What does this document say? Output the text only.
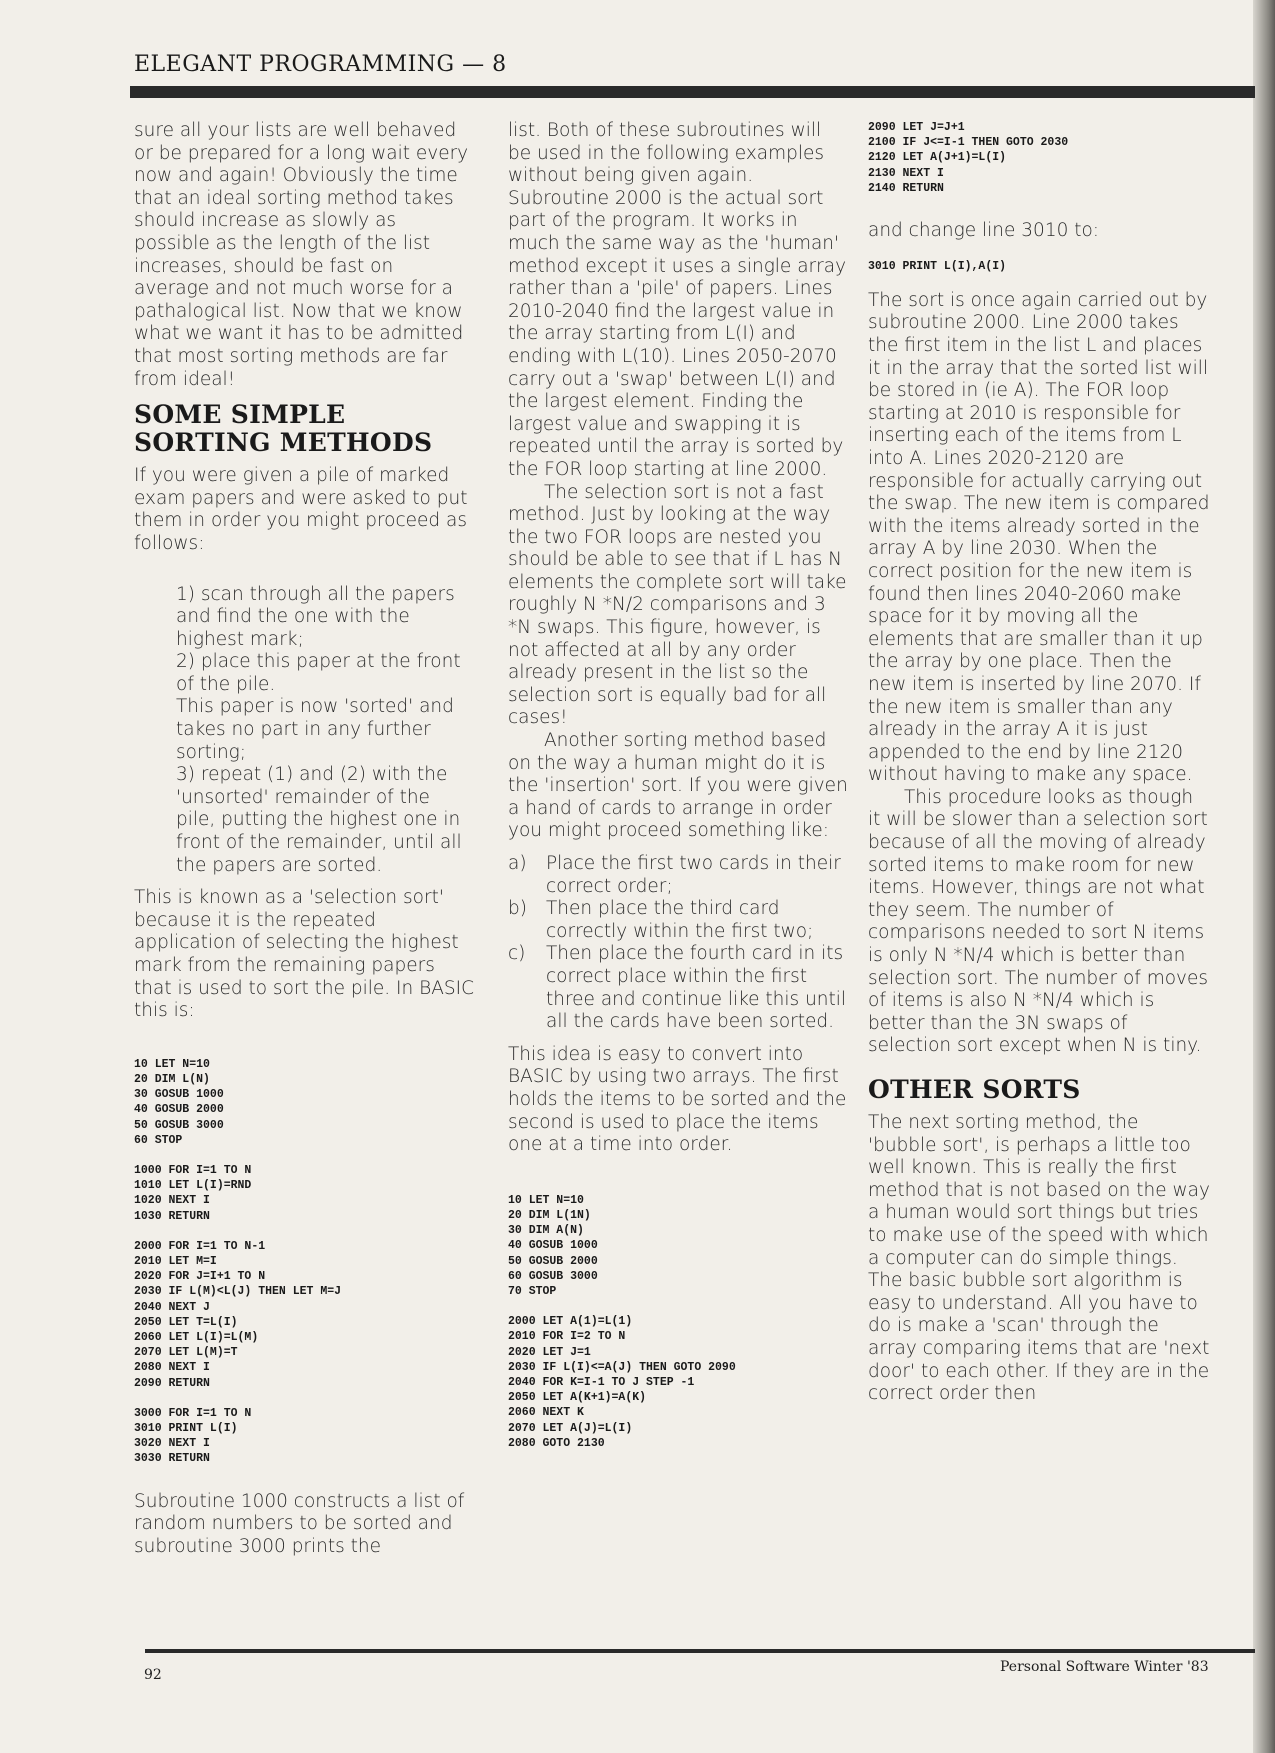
ELEGANT PROGRAMMING — 8

sure all your lists are well behaved or be prepared for a long wait every now and again! Obviously the time that an ideal sorting method takes should increase as slowly as possible as the length of the list increases, should be fast on average and not much worse for a pathalogical list. Now that we know what we want it has to be admitted that most sorting methods are far from ideal!

SOME SIMPLE SORTING METHODS

If you were given a pile of marked exam papers and were asked to put them in order you might proceed as follows:

1) scan through all the papers and find the one with the highest mark;

2) place this paper at the front of the pile.

This paper is now 'sorted' and takes no part in any further sorting;

3) repeat (1) and (2) with the 'unsorted' remainder of the pile, putting the highest one in front of the remainder, until all the papers are sorted.

This is known as a 'selection sort' because it is the repeated application of selecting the highest mark from the remaining papers that is used to sort the pile. In BASIC this is:

10 LET N=10

20 DIM L(N)

30 GOSUB 1000

40 GOSUB 2000

50 GOSUB 3000

60 STOP

1000 FOR I=1 TO N

1010 LET L(I)=RND

1020 NEXT I

1030 RETURN

2000 FOR I=1 TO N-1

2010 LET M=I

2020 FOR J=I+1 TO N

2030 IF L(M)<L(J) THEN LET M=J

2040 NEXT J

2050 LET T=L(I)

2060 LET L(I)=L(M)

2070 LET L(M)=T

2080 NEXT I

2090 RETURN

3000 FOR I=1 TO N

3010 PRINT L(I)

3020 NEXT I

3030 RETURN

Subroutine 1000 constructs a list of random numbers to be sorted and subroutine 3000 prints the

list. Both of these subroutines will be used in the following examples without being given again. Subroutine 2000 is the actual sort part of the program. It works in much the same way as the 'human' method except it uses a single array rather than a 'pile' of papers. Lines 2010-2040 find the largest value in the array starting from L(I) and ending with L(10). Lines 2050-2070 carry out a 'swap' between L(I) and the largest element. Finding the largest value and swapping it is repeated until the array is sorted by the FOR loop starting at line 2000.

The selection sort is not a fast method. Just by looking at the way the two FOR loops are nested you should be able to see that if L has N elements the complete sort will take roughly N *N/2 comparisons and 3 *N swaps. This figure, however, is not affected at all by any order already present in the list so the selection sort is equally bad for all cases!

Another sorting method based on the way a human might do it is the 'insertion' sort. If you were given a hand of cards to arrange in order you might proceed something like:

a)	Place the first two cards in their correct order;
b)	Then place the third card correctly within the first two;
c)	Then place the fourth card in its correct place within the first three and continue like this until all the cards have been sorted.

This idea is easy to convert into BASIC by using two arrays. The first holds the items to be sorted and the second is used to place the items one at a time into order.

10 LET N=10

20 DIM L(1N)

30 DIM A(N)

40 GOSUB 1000

50 GOSUB 2000

60 GOSUB 3000

70 STOP

2000 LET A(1)=L(1)

2010 FOR I=2 TO N

2020 LET J=1

2030 IF L(I)<=A(J) THEN GOTO 2090

2040 FOR K=I-1 TO J STEP -1

2050 LET A(K+1)=A(K)

2060 NEXT K

2070 LET A(J)=L(I)

2080 GOTO 2130

2090 LET J=J+1

2100 IF J<=I-1 THEN GOTO 2030

2120 LET A(J+1)=L(I)

2130 NEXT I

2140 RETURN

and change line 3010 to:

3010 PRINT L(I),A(I)

The sort is once again carried out by subroutine 2000. Line 2000 takes the first item in the list L and places it in the array that the sorted list will be stored in (ie A). The FOR loop starting at 2010 is responsible for inserting each of the items from L into A. Lines 2020-2120 are responsible for actually carrying out the swap. The new item is compared with the items already sorted in the array A by line 2030. When the correct position for the new item is found then lines 2040-2060 make space for it by moving all the elements that are smaller than it up the array by one place. Then the new item is inserted by line 2070. If the new item is smaller than any already in the array A it is just appended to the end by line 2120 without having to make any space.

This procedure looks as though it will be slower than a selection sort because of all the moving of already sorted items to make room for new items. However, things are not what they seem. The number of comparisons needed to sort N items is only N *N/4 which is better than selection sort. The number of moves of items is also N *N/4 which is better than the 3N swaps of selection sort except when N is tiny.

OTHER SORTS

The next sorting method, the 'bubble sort', is perhaps a little too well known. This is really the first method that is not based on the way a human would sort things but tries to make use of the speed with which a computer can do simple things. The basic bubble sort algorithm is easy to understand. All you have to do is make a 'scan' through the array comparing items that are 'next door' to each other. If they are in the correct order then

92	Personal Software Winter '83
